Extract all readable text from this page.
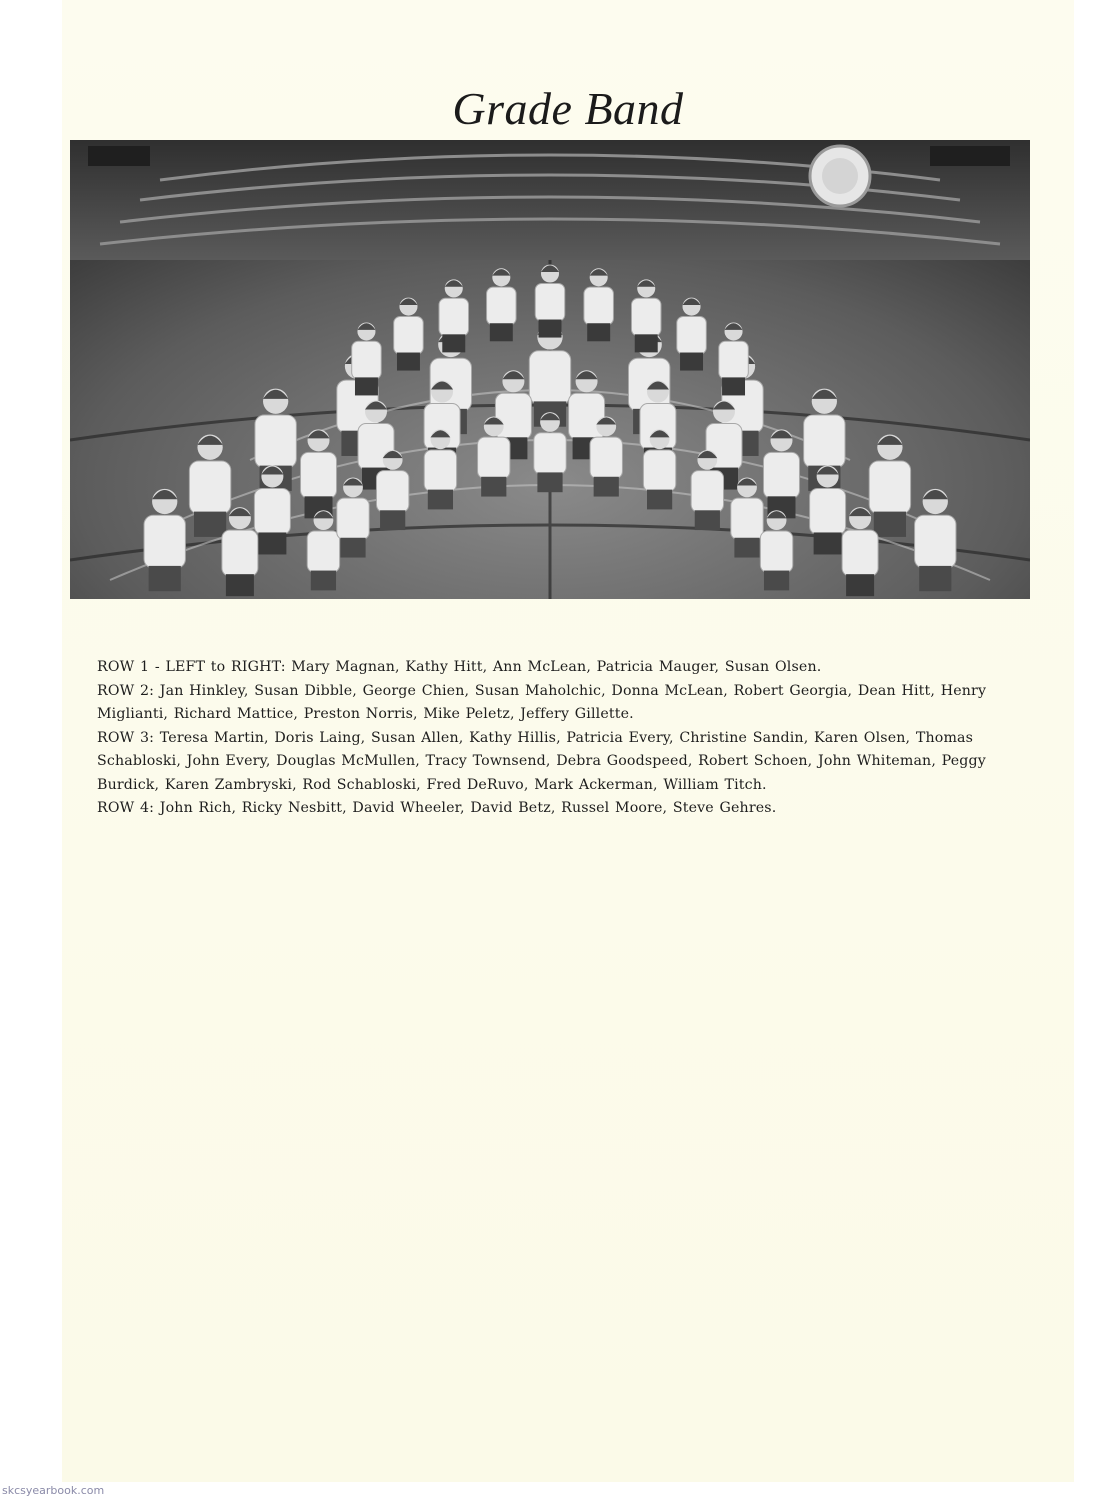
Grade Band

ROW 1 - LEFT to RIGHT: Mary Magnan, Kathy Hitt, Ann McLean, Patricia Mauger, Susan Olsen.

ROW 2: Jan Hinkley, Susan Dibble, George Chien, Susan Maholchic, Donna McLean, Robert Georgia, Dean Hitt, Henry Miglianti, Richard Mattice, Preston Norris, Mike Peletz, Jeffery Gillette.

ROW 3: Teresa Martin, Doris Laing, Susan Allen, Kathy Hillis, Patricia Every, Christine Sandin, Karen Olsen, Thomas Schabloski, John Every, Douglas McMullen, Tracy Townsend, Debra Goodspeed, Robert Schoen, John Whiteman, Peggy Burdick, Karen Zambryski, Rod Schabloski, Fred DeRuvo, Mark Ackerman, William Titch.

ROW 4: John Rich, Ricky Nesbitt, David Wheeler, David Betz, Russel Moore, Steve Gehres.

skcsyearbook.com
